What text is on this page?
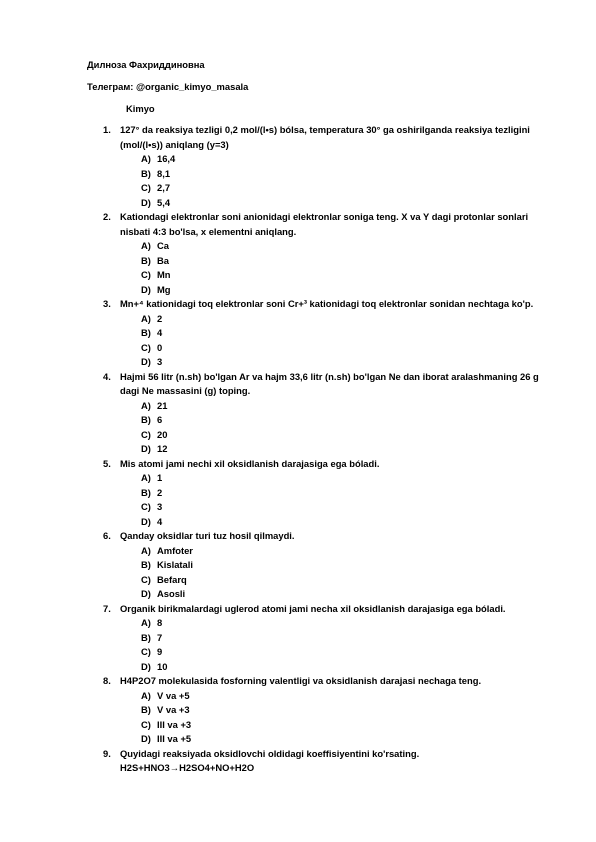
Дилноза Фахриддиновна
Телеграм: @organic_kimyo_masala
Kimyo
1. 127° da reaksiya tezligi 0,2 mol/(l•s) bólsa, temperatura 30° ga oshirilganda reaksiya tezligini (mol/(l•s)) aniqlang (y=3)
A) 16,4
B) 8,1
C) 2,7
D) 5,4
2. Kationdagi elektronlar soni anionidagi elektronlar soniga teng. X va Y dagi protonlar sonlari nisbati 4:3 bo'lsa, x elementni aniqlang.
A) Ca
B) Ba
C) Mn
D) Mg
3. Mn+⁴ kationidagi toq elektronlar soni Cr+³ kationidagi toq elektronlar sonidan nechtaga ko'p.
A) 2
B) 4
C) 0
D) 3
4. Hajmi 56 litr (n.sh) bo'lgan Ar va hajm 33,6 litr (n.sh) bo'lgan Ne dan iborat aralashmaning 26 g dagi Ne massasini (g) toping.
A) 21
B) 6
C) 20
D) 12
5. Mis atomi jami nechi xil oksidlanish darajasiga ega bóladi.
A) 1
B) 2
C) 3
D) 4
6. Qanday oksidlar turi tuz hosil qilmaydi.
A) Amfoter
B) Kislatali
C) Befarq
D) Asosli
7. Organik birikmalardagi uglerod atomi jami necha xil oksidlanish darajasiga ega bóladi.
A) 8
B) 7
C) 9
D) 10
8. H4P2O7 molekulasida fosforning valentligi va oksidlanish darajasi nechaga teng.
A) V va +5
B) V va +3
C) III va +3
D) III va +5
9. Quyidagi reaksiyada oksidlovchi oldidagi koeffisiyentini ko'rsating.
H2S+HNO3→H2SO4+NO+H2O
